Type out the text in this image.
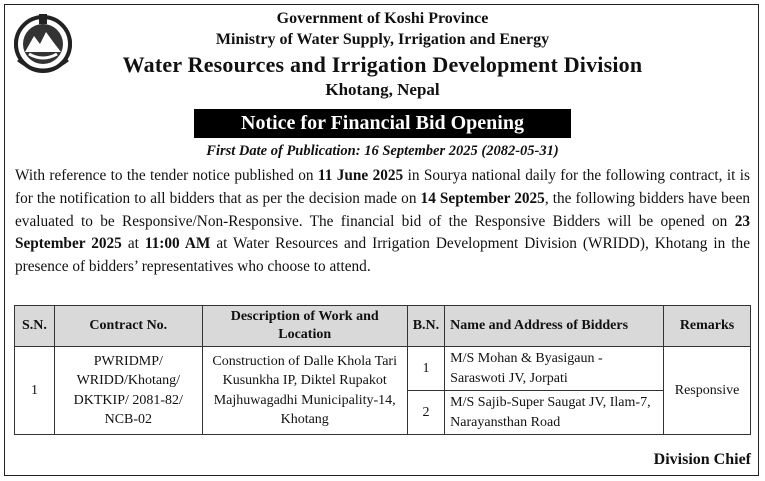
Government of Koshi Province
Ministry of Water Supply, Irrigation and Energy
Water Resources and Irrigation Development Division
Khotang, Nepal
Notice for Financial Bid Opening
First Date of Publication: 16 September 2025 (2082-05-31)
With reference to the tender notice published on 11 June 2025 in Sourya national daily for the following contract, it is for the notification to all bidders that as per the decision made on 14 September 2025, the following bidders have been evaluated to be Responsive/Non-Responsive. The financial bid of the Responsive Bidders will be opened on 23 September 2025 at 11:00 AM at Water Resources and Irrigation Development Division (WRIDD), Khotang in the presence of bidders’ representatives who choose to attend.
S.N.	Contract No.	Description of Work and Location	B.N.	Name and Address of Bidders	Remarks
1	PWRIDMP/ WRIDD/Khotang/ DKTKIP/ 2081-82/ NCB-02	Construction of Dalle Khola Tari Kusunkha IP, Diktel Rupakot Majhuwagadhi Municipality-14, Khotang	1	M/S Mohan & Byasigaun - Saraswoti JV, Jorpati	Responsive
			2	M/S Sajib-Super Saugat JV, Ilam-7, Narayansthan Road	
Division Chief
